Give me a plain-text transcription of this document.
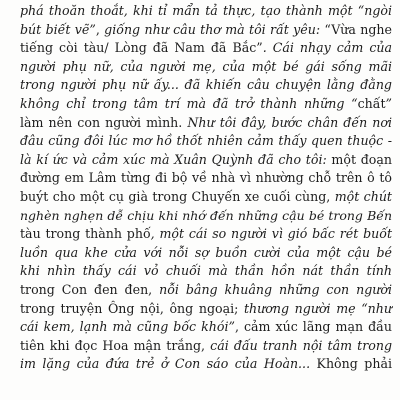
phá thoăn thoắt, khi tỉ mẩn tả thực, tạo thành một “ngòi
bút biết vẽ”, giống như câu thơ mà tôi rất yêu: “Vừa nghe
tiếng còi tàu/ Lòng đã Nam đã Bắc”. Cái nhạy cảm của
người phụ nữ, của người mẹ, của một bé gái sống mãi
trong người phụ nữ ấy... đã khiến câu chuyện lằng đằng
không chỉ trong tâm trí mà đã trở thành những “chất”
làm nên con người mình. Như tôi đây, bước chân đến nơi
đâu cũng đôi lúc mơ hồ thốt nhiên cảm thấy quen thuộc -
là kí ức và cảm xúc mà Xuân Quỳnh đã cho tôi: một đoạn
đường em Lâm từng đi bộ về nhà vì nhường chỗ trên ô tô
buýt cho một cụ già trong Chuyến xe cuối cùng, một chút
nghèn nghẹn dễ chịu khi nhớ đến những cậu bé trong Bến
tàu trong thành phố, một cái so người vì gió bấc rét buốt
luồn qua khe cửa với nỗi sợ buồn cười của một cậu bé
khi nhìn thấy cái vỏ chuối mà thần hồn nát thần tính
trong Con đen đen, nỗi bâng khuâng những con người
trong truyện Ông nội, ông ngoại; thương người mẹ “như
cái kem, lạnh mà cũng bốc khói”, cảm xúc lãng mạn đầu
tiên khi đọc Hoa mận trắng, cái đấu tranh nội tâm trong
im lặng của đứa trẻ ở Con sáo của Hoàn... Không phải
